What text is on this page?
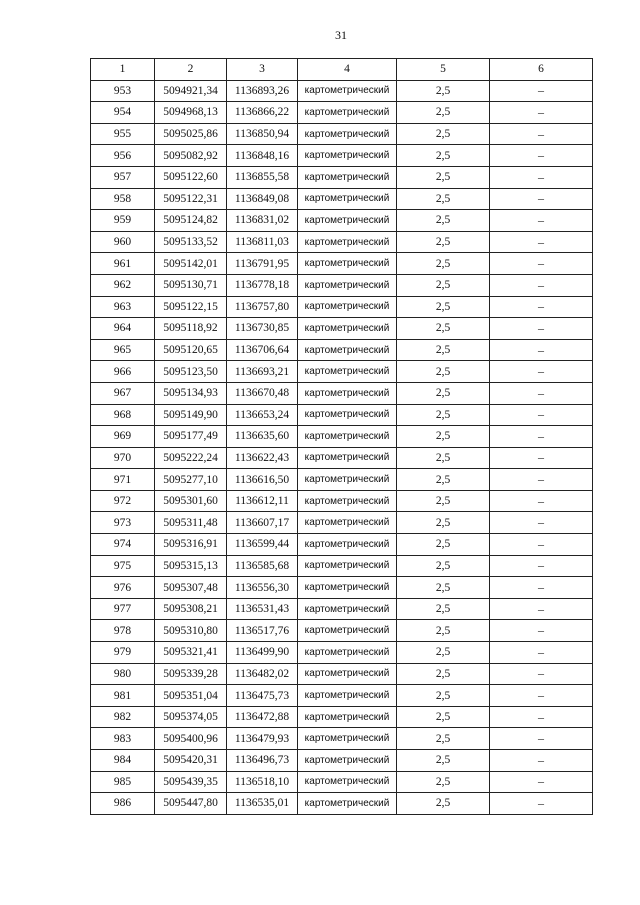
31
1	2	3	4	5	6
953	5094921,34	1136893,26	картометрический	2,5	–
954	5094968,13	1136866,22	картометрический	2,5	–
955	5095025,86	1136850,94	картометрический	2,5	–
956	5095082,92	1136848,16	картометрический	2,5	–
957	5095122,60	1136855,58	картометрический	2,5	–
958	5095122,31	1136849,08	картометрический	2,5	–
959	5095124,82	1136831,02	картометрический	2,5	–
960	5095133,52	1136811,03	картометрический	2,5	–
961	5095142,01	1136791,95	картометрический	2,5	–
962	5095130,71	1136778,18	картометрический	2,5	–
963	5095122,15	1136757,80	картометрический	2,5	–
964	5095118,92	1136730,85	картометрический	2,5	–
965	5095120,65	1136706,64	картометрический	2,5	–
966	5095123,50	1136693,21	картометрический	2,5	–
967	5095134,93	1136670,48	картометрический	2,5	–
968	5095149,90	1136653,24	картометрический	2,5	–
969	5095177,49	1136635,60	картометрический	2,5	–
970	5095222,24	1136622,43	картометрический	2,5	–
971	5095277,10	1136616,50	картометрический	2,5	–
972	5095301,60	1136612,11	картометрический	2,5	–
973	5095311,48	1136607,17	картометрический	2,5	–
974	5095316,91	1136599,44	картометрический	2,5	–
975	5095315,13	1136585,68	картометрический	2,5	–
976	5095307,48	1136556,30	картометрический	2,5	–
977	5095308,21	1136531,43	картометрический	2,5	–
978	5095310,80	1136517,76	картометрический	2,5	–
979	5095321,41	1136499,90	картометрический	2,5	–
980	5095339,28	1136482,02	картометрический	2,5	–
981	5095351,04	1136475,73	картометрический	2,5	–
982	5095374,05	1136472,88	картометрический	2,5	–
983	5095400,96	1136479,93	картометрический	2,5	–
984	5095420,31	1136496,73	картометрический	2,5	–
985	5095439,35	1136518,10	картометрический	2,5	–
986	5095447,80	1136535,01	картометрический	2,5	–
